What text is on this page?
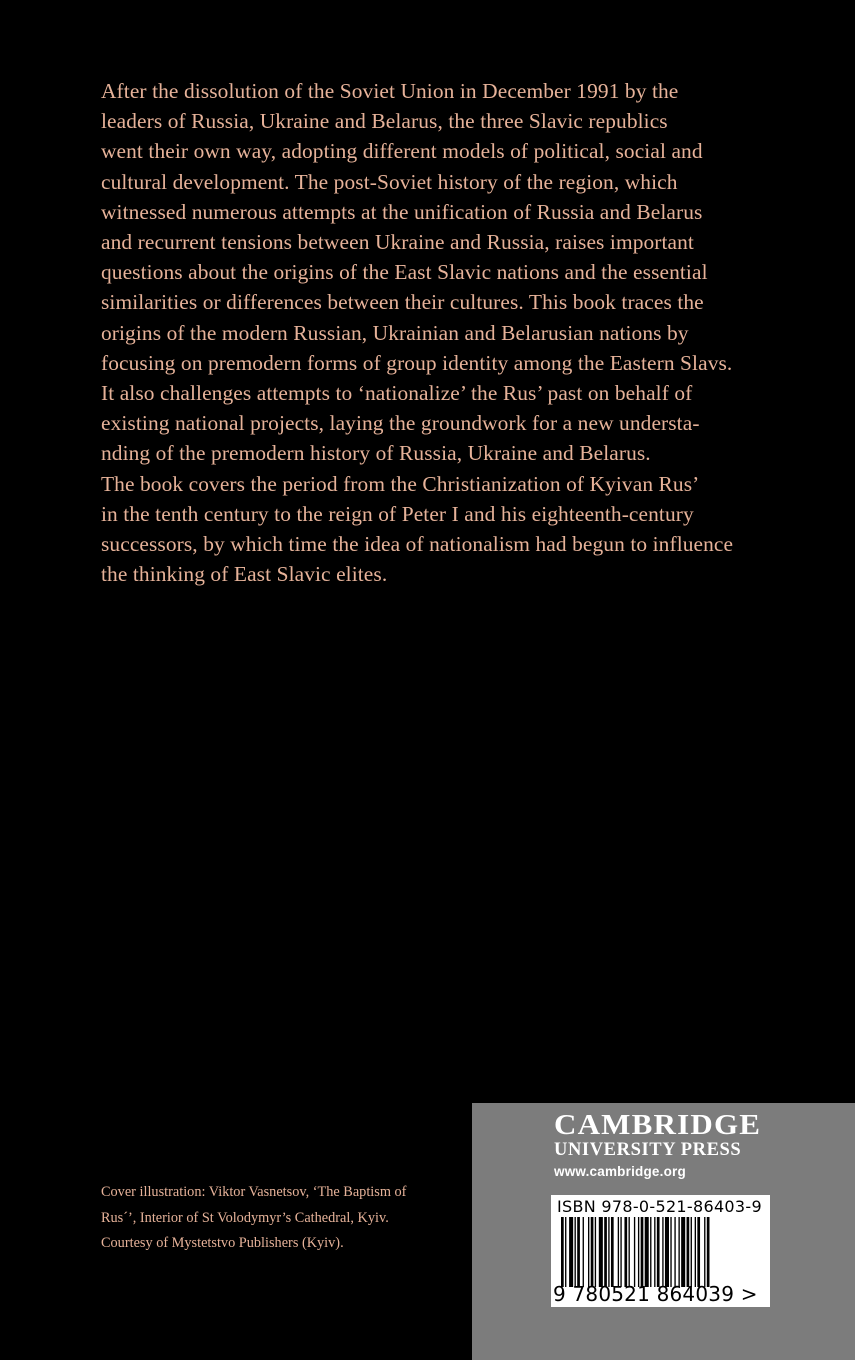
After the dissolution of the Soviet Union in December 1991 by the
leaders of Russia, Ukraine and Belarus, the three Slavic republics
went their own way, adopting different models of political, social and
cultural development. The post-Soviet history of the region, which
witnessed numerous attempts at the unification of Russia and Belarus
and recurrent tensions between Ukraine and Russia, raises important
questions about the origins of the East Slavic nations and the essential
similarities or differences between their cultures. This book traces the
origins of the modern Russian, Ukrainian and Belarusian nations by
focusing on premodern forms of group identity among the Eastern Slavs.
It also challenges attempts to ‘nationalize’ the Rus’ past on behalf of
existing national projects, laying the groundwork for a new understa-
nding of the premodern history of Russia, Ukraine and Belarus.
The book covers the period from the Christianization of Kyivan Rus’
in the tenth century to the reign of Peter I and his eighteenth-century
successors, by which time the idea of nationalism had begun to influence
the thinking of East Slavic elites.

Cover illustration: Viktor Vasnetsov, ‘The Baptism of
Rus´’, Interior of St Volodymyr’s Cathedral, Kyiv.
Courtesy of Mystetstvo Publishers (Kyiv).

CAMBRIDGE
UNIVERSITY PRESS
www.cambridge.org
ISBN 978-0-521-86403-9
9 780521 864039 >
